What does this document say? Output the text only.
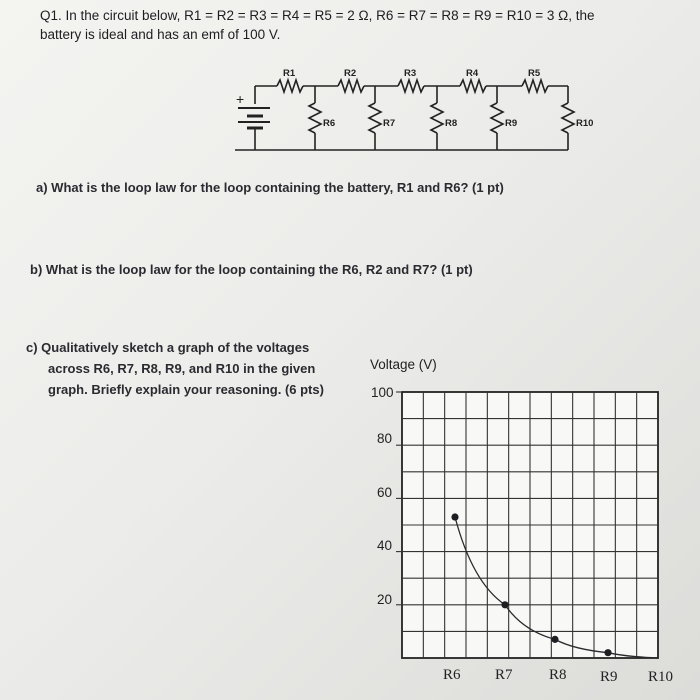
Q1. In the circuit below, R1 = R2 = R3 = R4 = R5 = 2 Ω, R6 = R7 = R8 = R9 = R10 = 3 Ω, the
battery is ideal and has an emf of 100 V.
+
R1	R2	R3	R4	R5
R6	R7	R8	R9	R10
a) What is the loop law for the loop containing the battery, R1 and R6? (1 pt)
b) What is the loop law for the loop containing the R6, R2 and R7? (1 pt)
c) Qualitatively sketch a graph of the voltages
across R6, R7, R8, R9, and R10 in the given
graph. Briefly explain your reasoning. (6 pts)
Voltage (V)
100
80
60
40
20
R6 R7 R8 R9 R10
